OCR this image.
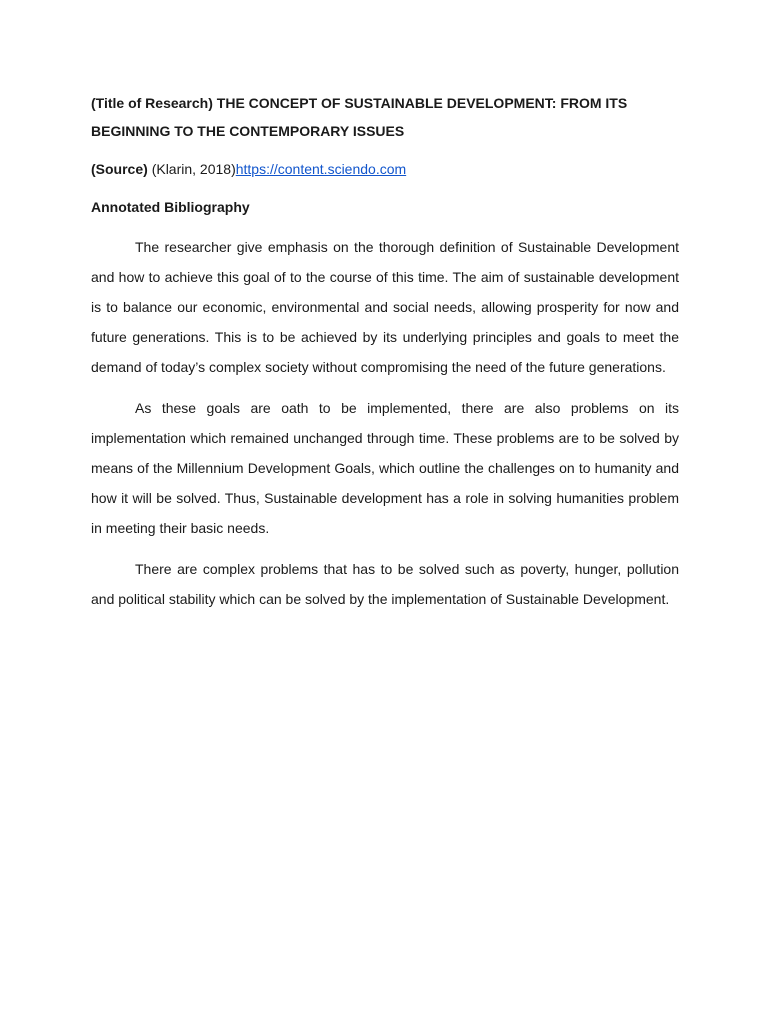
(Title of Research) THE CONCEPT OF SUSTAINABLE DEVELOPMENT: FROM ITS BEGINNING TO THE CONTEMPORARY ISSUES

(Source) (Klarin, 2018)https://content.sciendo.com
Annotated Bibliography

The researcher give emphasis on the thorough definition of Sustainable Development and how to achieve this goal of to the course of this time. The aim of sustainable development is to balance our economic, environmental and social needs, allowing prosperity for now and future generations. This is to be achieved by its underlying principles and goals to meet the demand of today’s complex society without compromising the need of the future generations.

As these goals are oath to be implemented, there are also problems on its implementation which remained unchanged through time. These problems are to be solved by means of the Millennium Development Goals, which outline the challenges on to humanity and how it will be solved. Thus, Sustainable development has a role in solving humanities problem in meeting their basic needs.

There are complex problems that has to be solved such as poverty, hunger, pollution and political stability which can be solved by the implementation of Sustainable Development.
